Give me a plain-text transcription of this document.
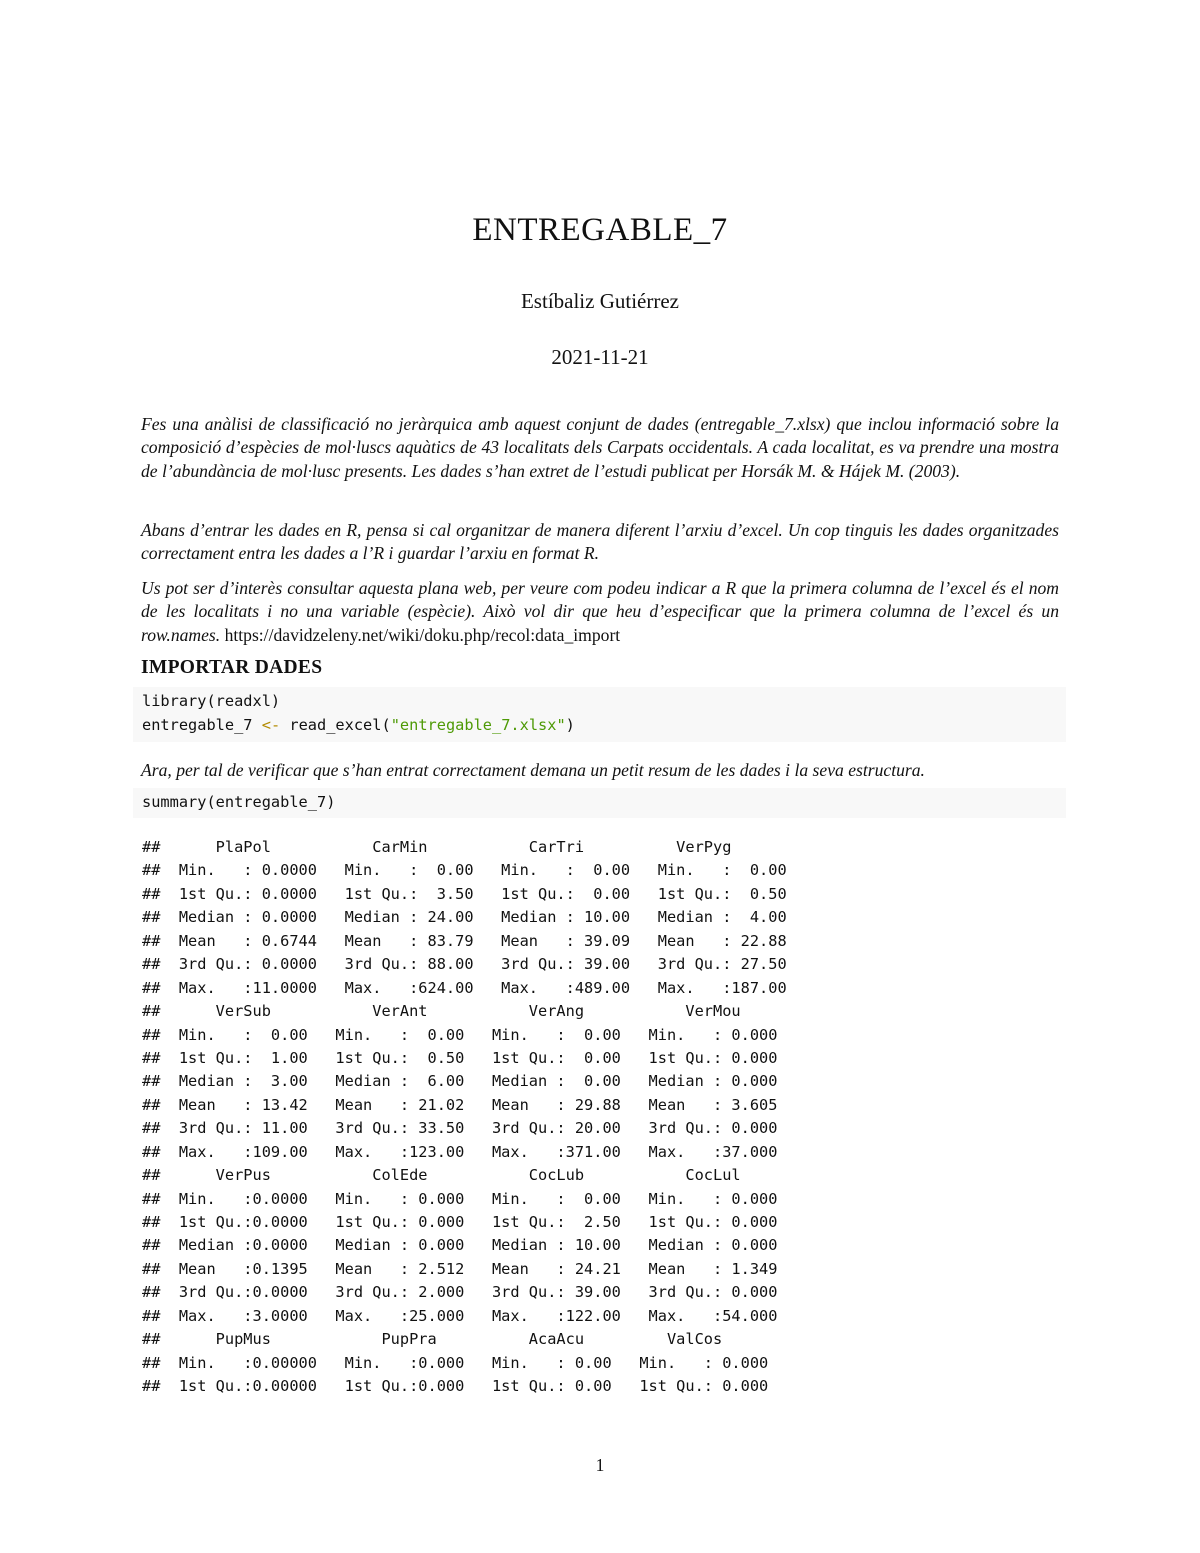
ENTREGABLE_7
Estíbaliz Gutiérrez
2021-11-21

Fes una anàlisi de classificació no jeràrquica amb aquest conjunt de dades (entregable_7.xlsx) que inclou informació sobre la composició d’espècies de mol·luscs aquàtics de 43 localitats dels Carpats occidentals. A cada localitat, es va prendre una mostra de l’abundància de mol·lusc presents. Les dades s’han extret de l’estudi publicat per Horsák M. & Hájek M. (2003).

Abans d’entrar les dades en R, pensa si cal organitzar de manera diferent l’arxiu d’excel. Un cop tinguis les dades organitzades correctament entra les dades a l’R i guardar l’arxiu en format R.

Us pot ser d’interès consultar aquesta plana web, per veure com podeu indicar a R que la primera columna de l’excel és el nom de les localitats i no una variable (espècie). Això vol dir que heu d’especificar que la primera columna de l’excel és un row.names. https://davidzeleny.net/wiki/doku.php/recol:data_import

IMPORTAR DADES
library(readxl)
entregable_7 <- read_excel("entregable_7.xlsx")

Ara, per tal de verificar que s’han entrat correctament demana un petit resum de les dades i la seva estructura.

summary(entregable_7)
##      PlaPol           CarMin           CarTri          VerPyg
##  Min.   : 0.0000   Min.   :  0.00   Min.   :  0.00   Min.   :  0.00
##  1st Qu.: 0.0000   1st Qu.:  3.50   1st Qu.:  0.00   1st Qu.:  0.50
##  Median : 0.0000   Median : 24.00   Median : 10.00   Median :  4.00
##  Mean   : 0.6744   Mean   : 83.79   Mean   : 39.09   Mean   : 22.88
##  3rd Qu.: 0.0000   3rd Qu.: 88.00   3rd Qu.: 39.00   3rd Qu.: 27.50
##  Max.   :11.0000   Max.   :624.00   Max.   :489.00   Max.   :187.00
##      VerSub           VerAnt           VerAng           VerMou
##  Min.   :  0.00   Min.   :  0.00   Min.   :  0.00   Min.   : 0.000
##  1st Qu.:  1.00   1st Qu.:  0.50   1st Qu.:  0.00   1st Qu.: 0.000
##  Median :  3.00   Median :  6.00   Median :  0.00   Median : 0.000
##  Mean   : 13.42   Mean   : 21.02   Mean   : 29.88   Mean   : 3.605
##  3rd Qu.: 11.00   3rd Qu.: 33.50   3rd Qu.: 20.00   3rd Qu.: 0.000
##  Max.   :109.00   Max.   :123.00   Max.   :371.00   Max.   :37.000
##      VerPus           ColEde           CocLub           CocLul
##  Min.   :0.0000   Min.   : 0.000   Min.   :  0.00   Min.   : 0.000
##  1st Qu.:0.0000   1st Qu.: 0.000   1st Qu.:  2.50   1st Qu.: 0.000
##  Median :0.0000   Median : 0.000   Median : 10.00   Median : 0.000
##  Mean   :0.1395   Mean   : 2.512   Mean   : 24.21   Mean   : 1.349
##  3rd Qu.:0.0000   3rd Qu.: 2.000   3rd Qu.: 39.00   3rd Qu.: 0.000
##  Max.   :3.0000   Max.   :25.000   Max.   :122.00   Max.   :54.000
##      PupMus            PupPra          AcaAcu         ValCos
##  Min.   :0.00000   Min.   :0.000   Min.   : 0.00   Min.   : 0.000
##  1st Qu.:0.00000   1st Qu.:0.000   1st Qu.: 0.00   1st Qu.: 0.000
1
